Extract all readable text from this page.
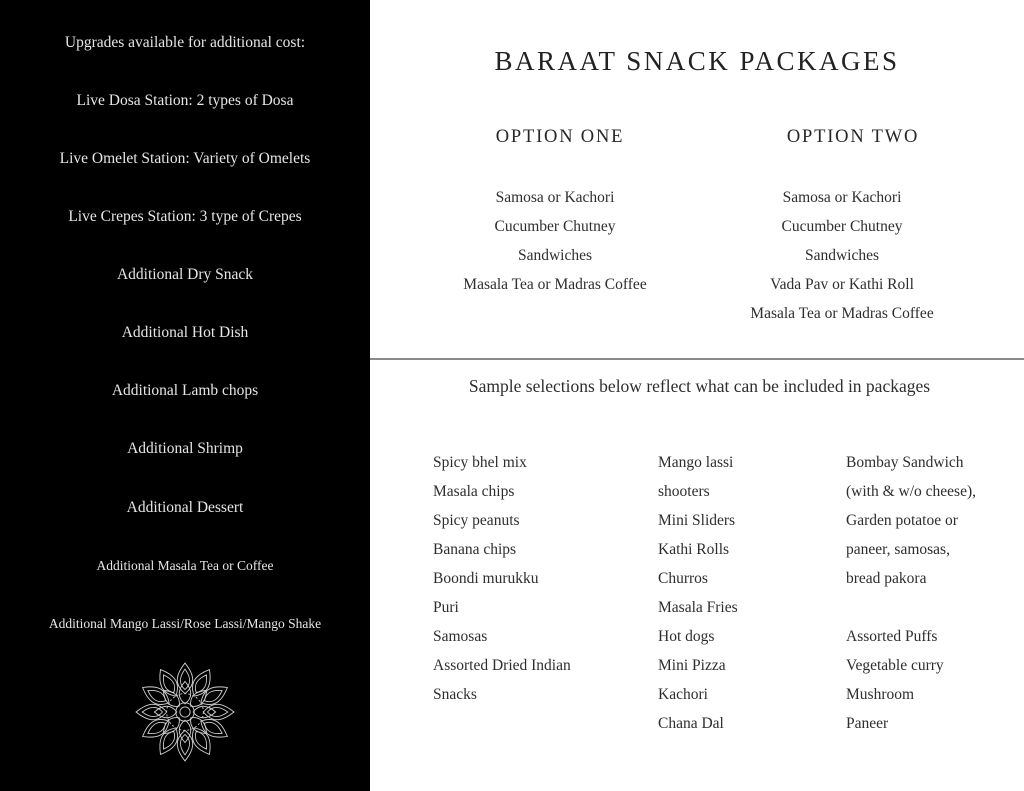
Upgrades available for additional cost:
Live Dosa Station: 2 types of Dosa
Live Omelet Station: Variety of Omelets
Live Crepes Station: 3 type of Crepes
Additional Dry Snack
Additional Hot Dish
Additional Lamb chops
Additional Shrimp
Additional Dessert
Additional Masala Tea or Coffee
Additional Mango Lassi/Rose Lassi/Mango Shake
BARAAT SNACK PACKAGES
OPTION ONE	OPTION TWO
Samosa or Kachori
Cucumber Chutney
Sandwiches
Masala Tea or Madras Coffee
Samosa or Kachori
Cucumber Chutney
Sandwiches
Vada Pav or Kathi Roll
Masala Tea or Madras Coffee
Sample selections below reflect what can be included in packages
Spicy bhel mix
Masala chips
Spicy peanuts
Banana chips
Boondi murukku
Puri
Samosas
Assorted Dried Indian
Snacks
Mango lassi
shooters
Mini Sliders
Kathi Rolls
Churros
Masala Fries
Hot dogs
Mini Pizza
Kachori
Chana Dal
Bombay Sandwich
(with & w/o cheese),
Garden potatoe or
paneer, samosas,
bread pakora
Assorted Puffs
Vegetable curry
Mushroom
Paneer
